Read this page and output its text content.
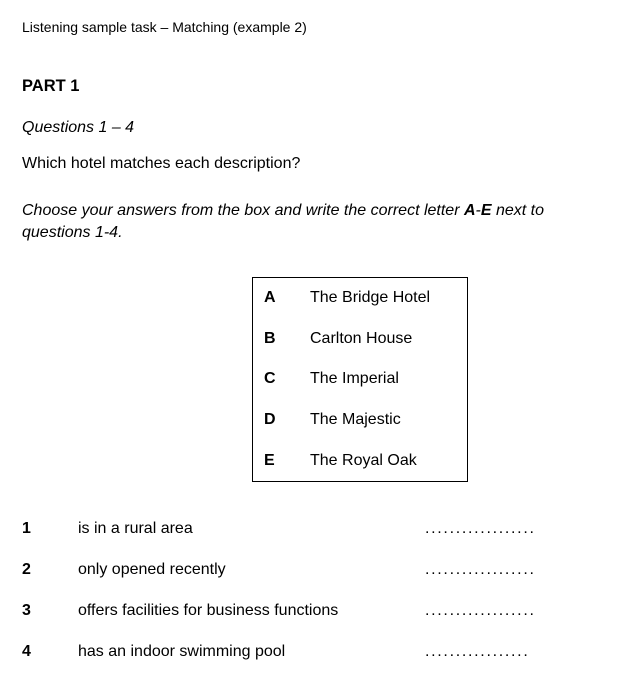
Listening sample task – Matching (example 2)
PART 1
Questions 1 – 4
Which hotel matches each description?
Choose your answers from the box and write the correct letter A-E next to
questions 1-4.
A	The Bridge Hotel
B	Carlton House
C	The Imperial
D	The Majestic
E	The Royal Oak
1	is in a rural area	..................
2	only opened recently	..................
3	offers facilities for business functions	..................
4	has an indoor swimming pool	.................
